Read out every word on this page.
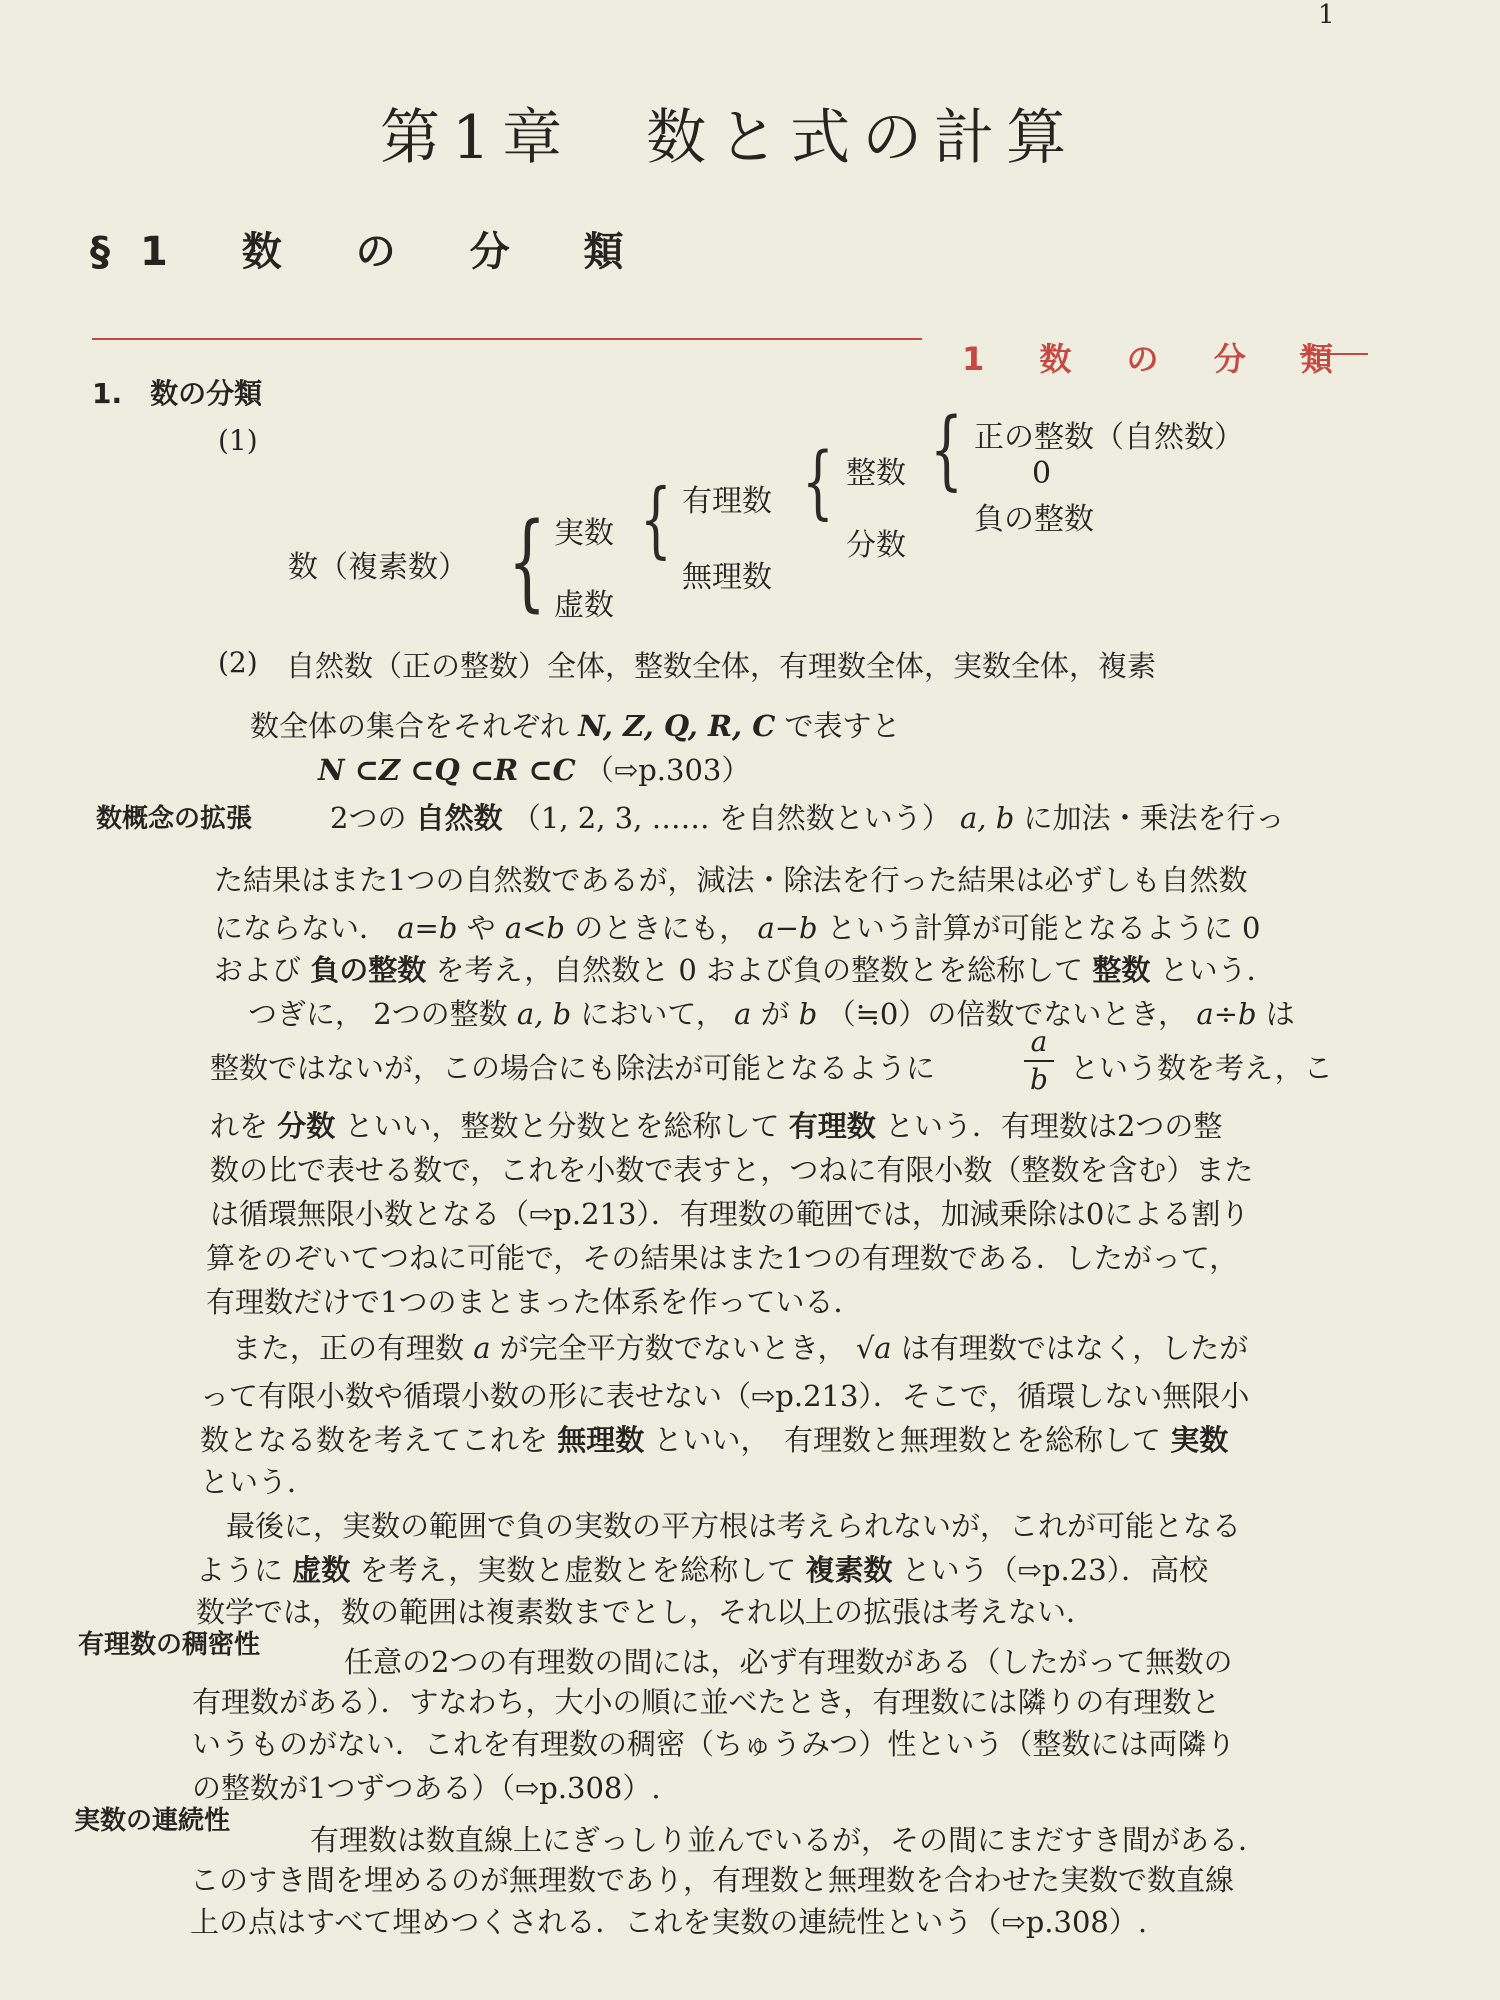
1
第1章　数と式の計算
§1 数 の 分 類
1 数 の 分 類
1.　数の分類
(1)
数（複素数） { 実数
虚数
{ 有理数
無理数
{ 整数
分数
{ 正の整数（自然数）
0
負の整数
(2) 自然数（正の整数）全体，整数全体，有理数全体，実数全体，複素
数全体の集合をそれぞれ N, Z, Q, R, C で表すと
N ⊂Z ⊂Q ⊂R ⊂C （⇨p.303）
数概念の拡張	2つの 自然数 （1, 2, 3, …… を自然数という） a, b に加法・乗法を行っ
た結果はまた1つの自然数であるが，減法・除法を行った結果は必ずしも自然数
にならない． a=b や a<b のときにも， a−b という計算が可能となるように 0
および 負の整数 を考え，自然数と 0 および負の整数とを総称して 整数 という．
つぎに， 2つの整数 a, b において， a が b （≒0）の倍数でないとき， a÷b は
整数ではないが，この場合にも除法が可能となるように
a
b という数を考え，こ
れを 分数 といい，整数と分数とを総称して 有理数 という．有理数は2つの整
数の比で表せる数で，これを小数で表すと，つねに有限小数（整数を含む）また
は循環無限小数となる（⇨p.213）．有理数の範囲では，加減乗除は0による割り
算をのぞいてつねに可能で，その結果はまた1つの有理数である．したがって，
有理数だけで1つのまとまった体系を作っている．
また，正の有理数 a が完全平方数でないとき， √a は有理数ではなく，したが
って有限小数や循環小数の形に表せない（⇨p.213）．そこで，循環しない無限小
数となる数を考えてこれを 無理数 といい，　有理数と無理数とを総称して 実数
という．
最後に，実数の範囲で負の実数の平方根は考えられないが，これが可能となる
ように 虚数 を考え，実数と虚数とを総称して 複素数 という（⇨p.23）．高校
数学では，数の範囲は複素数までとし，それ以上の拡張は考えない．
有理数の稠密性	任意の2つの有理数の間には，必ず有理数がある（したがって無数の
有理数がある）．すなわち，大小の順に並べたとき，有理数には隣りの有理数と
いうものがない．これを有理数の稠密（ちゅうみつ）性という（整数には両隣り
の整数が1つずつある）（⇨p.308）.
実数の連続性
有理数は数直線上にぎっしり並んでいるが，その間にまだすき間がある．
このすき間を埋めるのが無理数であり，有理数と無理数を合わせた実数で数直線
上の点はすべて埋めつくされる．これを実数の連続性という（⇨p.308）.
